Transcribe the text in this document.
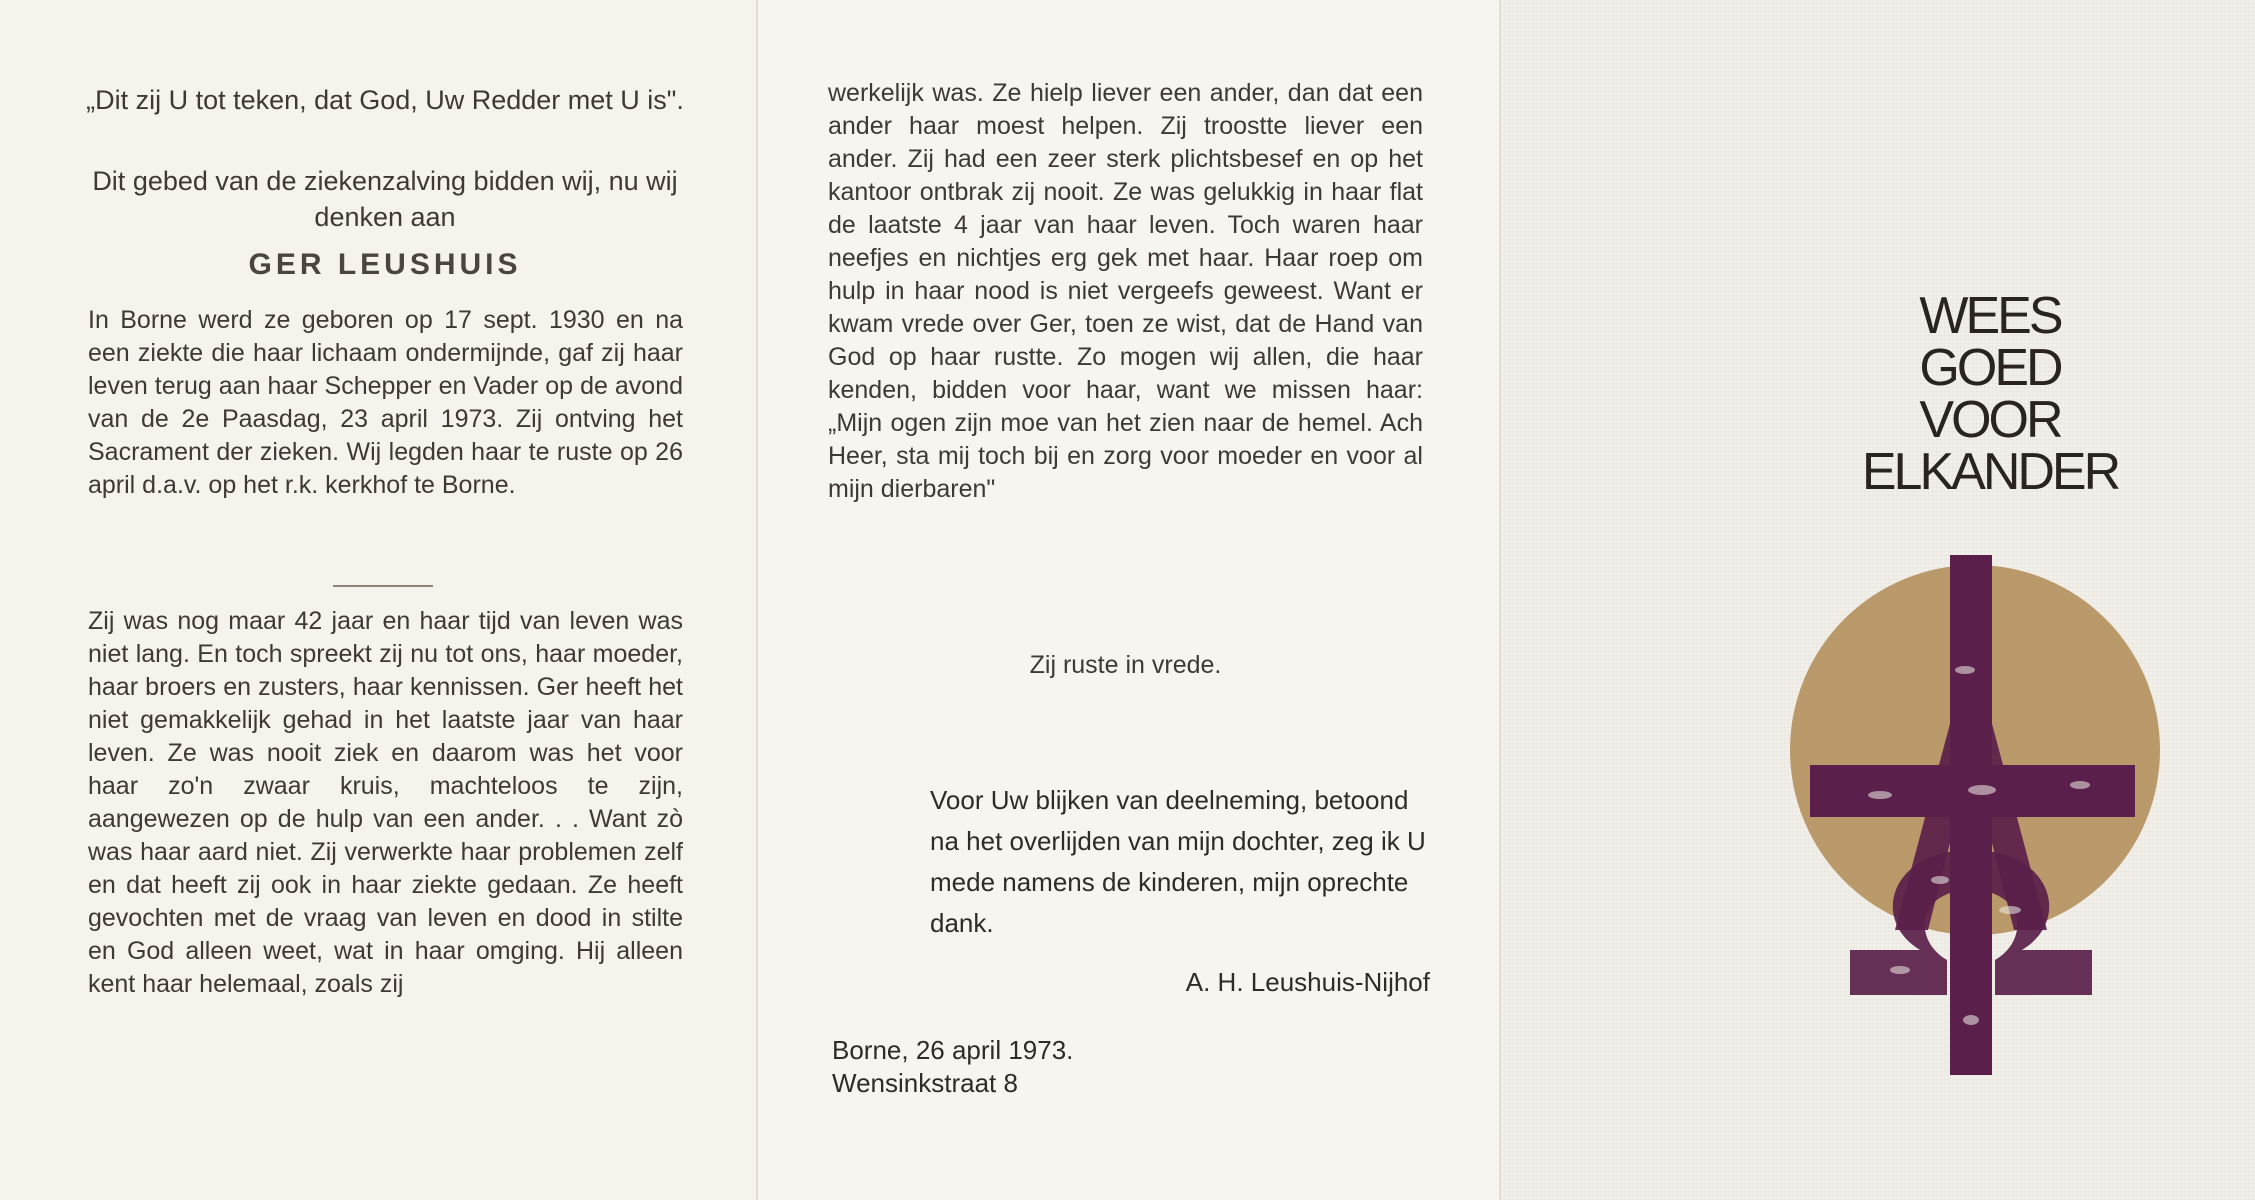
„Dit zij U tot teken, dat God, Uw Redder met U is".
Dit gebed van de ziekenzalving bidden wij, nu wij denken aan
GER LEUSHUIS
In Borne werd ze geboren op 17 sept. 1930 en na een ziekte die haar lichaam ondermijnde, gaf zij haar leven terug aan haar Schepper en Vader op de avond van de 2e Paasdag, 23 april 1973. Zij ontving het Sacrament der zieken. Wij legden haar te ruste op 26 april d.a.v. op het r.k. kerkhof te Borne.
Zij was nog maar 42 jaar en haar tijd van leven was niet lang. En toch spreekt zij nu tot ons, haar moeder, haar broers en zusters, haar kennissen. Ger heeft het niet gemakkelijk gehad in het laatste jaar van haar leven. Ze was nooit ziek en daarom was het voor haar zo'n zwaar kruis, machteloos te zijn, aangewezen op de hulp van een ander. . . Want zò was haar aard niet. Zij verwerkte haar problemen zelf en dat heeft zij ook in haar ziekte gedaan. Ze heeft gevochten met de vraag van leven en dood in stilte en God alleen weet, wat in haar omging. Hij alleen kent haar helemaal, zoals zij
werkelijk was. Ze hielp liever een ander, dan dat een ander haar moest helpen. Zij troostte liever een ander. Zij had een zeer sterk plichtsbesef en op het kantoor ontbrak zij nooit. Ze was gelukkig in haar flat de laatste 4 jaar van haar leven. Toch waren haar neefjes en nichtjes erg gek met haar. Haar roep om hulp in haar nood is niet vergeefs geweest. Want er kwam vrede over Ger, toen ze wist, dat de Hand van God op haar rustte. Zo mogen wij allen, die haar kenden, bidden voor haar, want we missen haar: „Mijn ogen zijn moe van het zien naar de hemel. Ach Heer, sta mij toch bij en zorg voor moeder en voor al mijn dierbaren"
Zij ruste in vrede.
Voor Uw blijken van deelneming, betoond na het overlijden van mijn dochter, zeg ik U mede namens de kinderen, mijn oprechte dank.
A. H. Leushuis-Nijhof
Borne, 26 april 1973.
Wensinkstraat 8
WEES
GOED
VOOR
ELKANDER
